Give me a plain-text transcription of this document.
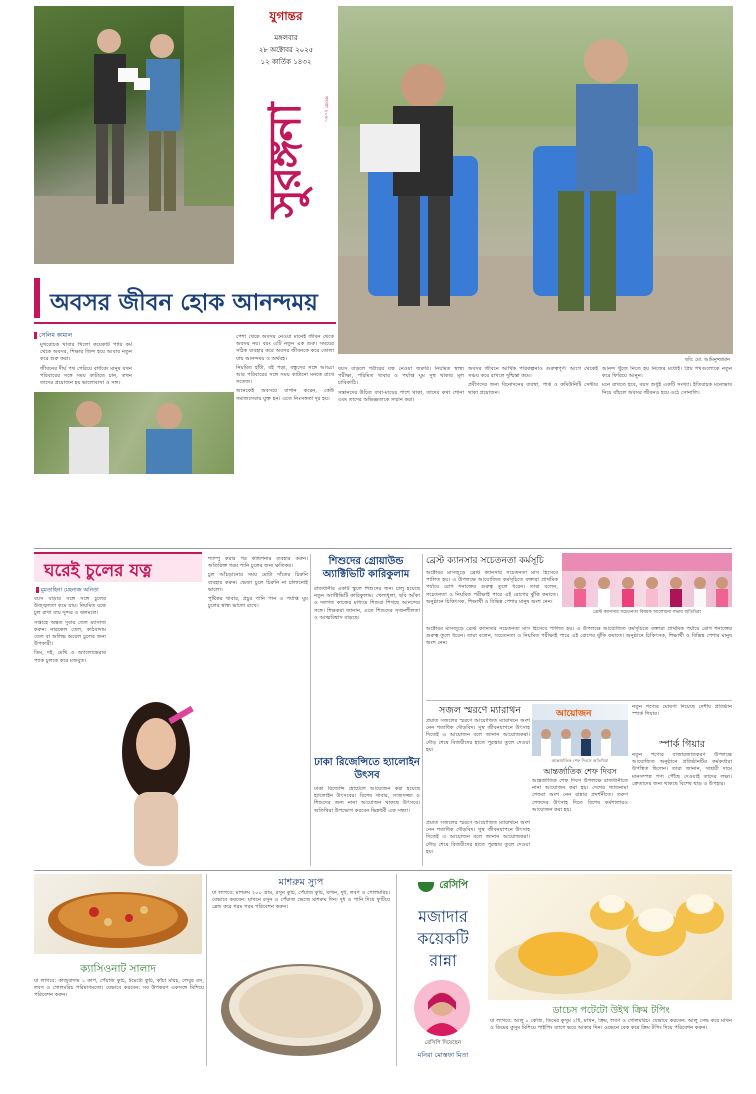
যুগান্তর
মঙ্গলবার
২৮ অক্টোবর ২০২৫
১২ কার্তিক ১৪৩২
সুরঙ্গনা	সংখ্যা ২০৪০
অবসর জীবন হোক আনন্দময়
সেলিম কামাল

মুখরোচক খাবার খিলো কয়েকটি পারি কর্ম থেকে অবসর, শিক্ষার জিন্দ হয়ে আবার নতুন করে শুরু করা।

জীবনের দীর্ঘ পথ পেরিয়ে বার্ধক্যে মানুষ যখন পরিবারের সঙ্গে সময় কাটাতে চান, তখন তাদের প্রয়োজন হয় ভালোবাসা ও সঙ্গ।

পেশা থেকে অবসর নেওয়া মানেই জীবন থেকে অবসর নয়। বরং এটি নতুন এক শুরু। সময়ের সঠিক ব্যবহার করে অবসর জীবনকে করে তোলা যায় আনন্দময় ও অর্থবহ।

নিয়মিত হাঁটা, বই পড়া, বন্ধুদের সঙ্গে আড্ডা আর পরিবারের সঙ্গে সময় কাটানো মনকে রাখে সতেজ।

অনেকেই অবসরে বাগান করেন, কেউ সমাজসেবায় যুক্ত হন। এতে নিঃসঙ্গতা দূর হয়।

ছবি: মো. আমিনুজ্জামান

বয়স বাড়লে শরীরের যত্ন নেওয়া জরুরি। নিয়মিত স্বাস্থ্য পরীক্ষা, পরিমিত খাবার ও পর্যাপ্ত ঘুম সুস্থ থাকার মূল চাবিকাঠি।

সন্তানদের উচিত বাবা-মায়ের পাশে থাকা, তাদের কথা শোনা এবং তাদের অভিজ্ঞতাকে সম্মান করা।

অবসর জীবনে আর্থিক পরিকল্পনাও গুরুত্বপূর্ণ। আগে থেকেই সঞ্চয় করে রাখলে দুশ্চিন্তা কমে।

প্রবীণদের জন্য বিনোদনের ব্যবস্থা, পার্ক ও কমিউনিটি সেন্টার থাকা প্রয়োজন।

আনন্দ খুঁজে নিতে হয় নিজের মধ্যেই। প্রিয় শখগুলোকে নতুন করে ফিরিয়ে আনুন।

মনে রাখতে হবে, বয়স শুধুই একটি সংখ্যা। ইতিবাচক মনোভাব নিয়ে বাঁচলে অবসর জীবনও হয়ে ওঠে সোনালি।

ঘরেই চুলের যত্ন
মুমতাহিনা মেহনাজ অনিতা

বয়স বাড়ার সঙ্গে সঙ্গে চুলের উজ্জ্বলতা কমে যায়। নিয়মিত যত্নে চুল রাখা যায় সুন্দর ও ঝলমলে।

সপ্তাহে অন্তত দুবার তেল ম্যাসাজ করুন। নারকেল তেল, কাঠবাদাম তেল বা অলিভ অয়েল চুলের জন্য উপকারী।

ডিম, দই, মেথি ও অ্যালোভেরার প্যাক চুলকে করে মজবুত।

শ্যাম্পু করার পর কন্ডিশনার ব্যবহার করুন। অতিরিক্ত গরম পানি চুলের জন্য ক্ষতিকর।

চুল আঁচড়ানোর সময় মোটা দাঁতের চিরুনি ব্যবহার করুন। ভেজা চুলে চিরুনি না চালানোই ভালো।

পুষ্টিকর খাবার, প্রচুর পানি পান ও পর্যাপ্ত ঘুম চুলের স্বাস্থ্য ভালো রাখে।

শিশুদের গ্রোয়াউন্ড অ্যাক্টিভিটি কারিকুলাম
রাজধানীর একটি স্কুলে শিশুদের জন্য চালু হয়েছে নতুন অ্যাক্টিভিটি কারিকুলাম। খেলাধুলা, ছবি আঁকা ও দলগত কাজের মাধ্যমে শিশুরা শিখছে আনন্দের সঙ্গে। শিক্ষকরা জানান, এতে শিশুদের সৃজনশীলতা ও আত্মবিশ্বাস বাড়ছে।
ঢাকা রিজেন্সিতে হ্যালোইন উৎসব
ঢাকা রিজেন্সি হোটেলে আয়োজন করা হয়েছে হ্যালোইন উৎসবের। বিশেষ খাবার, সাজসজ্জা ও শিশুদের জন্য নানা আয়োজন থাকছে উৎসবে। অতিথিরা উপভোগ করবেন ভিন্নধর্মী এক সন্ধ্যা।
ব্রেস্ট ক্যানসার সচেতনতা কর্মসূচি
অক্টোবর মাসজুড়ে ব্রেস্ট ক্যানসার সচেতনতা মাস হিসেবে পালিত হয়। এ উপলক্ষে আয়োজিত কর্মসূচিতে বক্তারা প্রাথমিক পর্যায়ে রোগ শনাক্তের গুরুত্ব তুলে ধরেন। তারা বলেন, সচেতনতা ও নিয়মিত পরীক্ষাই পারে এই রোগের ঝুঁকি কমাতে। অনুষ্ঠানে চিকিৎসক, শিক্ষার্থী ও বিভিন্ন পেশার মানুষ অংশ নেন।
ব্রেস্ট ক্যানসার সচেতনতা বিষয়ক আলোচনা সভায় অতিথিরা
অক্টোবর মাসজুড়ে ব্রেস্ট ক্যানসার সচেতনতা মাস হিসেবে পালিত হয়। এ উপলক্ষে আয়োজিত কর্মসূচিতে বক্তারা প্রাথমিক পর্যায়ে রোগ শনাক্তের গুরুত্ব তুলে ধরেন। তারা বলেন, সচেতনতা ও নিয়মিত পরীক্ষাই পারে এই রোগের ঝুঁকি কমাতে। অনুষ্ঠানে চিকিৎসক, শিক্ষার্থী ও বিভিন্ন পেশার মানুষ অংশ নেন।
সজল স্মরণে ম্যারাথন
প্রয়াত সজলের স্মরণে আয়োজিত ম্যারাথনে অংশ নেন শতাধিক দৌড়বিদ। সুস্থ জীবনযাপনে উৎসাহ দিতেই এ আয়োজন বলে জানান আয়োজকরা। দৌড় শেষে বিজয়ীদের হাতে পুরস্কার তুলে দেওয়া হয়।
আয়োজন
আন্তর্জাতিক শেফ দিবসে অতিথিরা
আন্তর্জাতিক শেফ দিবস
আন্তর্জাতিক শেফ দিবস উপলক্ষে রাজধানীতে নানা আয়োজন করা হয়। দেশের খ্যাতনামা শেফরা অংশ নেন রান্নার প্রদর্শনীতে। তরুণ শেফদের উৎসাহ দিতে বিশেষ কর্মশালারও আয়োজন করা হয়।
নতুন পণ্যের ঘোষণা দিয়েছে দেশীয় প্রতিষ্ঠান স্পার্ক গিয়ার।
স্পার্ক গিয়ার
নতুন পণ্যের বাজারজাতকরণ উপলক্ষে আয়োজিত অনুষ্ঠানে প্রতিষ্ঠানটির কর্মকর্তারা উপস্থিত ছিলেন। তারা জানান, সাশ্রয়ী দামে মানসম্পন্ন পণ্য পৌঁছে দেওয়াই তাদের লক্ষ্য। ক্রেতাদের জন্য থাকছে বিশেষ ছাড় ও উপহার।
প্রয়াত সজলের স্মরণে আয়োজিত ম্যারাথনে অংশ নেন শতাধিক দৌড়বিদ। সুস্থ জীবনযাপনে উৎসাহ দিতেই এ আয়োজন বলে জানান আয়োজকরা। দৌড় শেষে বিজয়ীদের হাতে পুরস্কার তুলে দেওয়া হয়।
ক্যাসিওনাট সালাদ
যা লাগবে: কাজুবাদাম ১ কাপ, পেঁয়াজ কুচি, টমেটো কুচি, কাঁচা মরিচ, লেবুর রস, লবণ ও গোলমরিচ পরিমাণমতো। যেভাবে করবেন: সব উপকরণ একসঙ্গে মিশিয়ে পরিবেশন করুন।
মাশরুম স্যুপ
যা লাগবে: মাশরুম ২০০ গ্রাম, রসুন কুচি, পেঁয়াজ কুচি, মাখন, দুধ, লবণ ও গোলমরিচ। যেভাবে করবেন: মাখনে রসুন ও পেঁয়াজ ভেজে মাশরুম দিন। দুধ ও পানি দিয়ে ফুটিয়ে ব্লেন্ড করে গরম গরম পরিবেশন করুন।
রেসিপি
মজাদার কয়েকটি রান্না
রেসিপি দিয়েছেন
মনিরা মোস্তফা মিতা
ডাচেস পটেটো উইথ ক্রিম টপিং
যা লাগবে: আলু ১ কেজি, ডিমের কুসুম ২টি, মাখন, ক্রিম, লবণ ও গোলমরিচ। যেভাবে করবেন: আলু সেদ্ধ করে মাখন ও ডিমের কুসুম মিশিয়ে পাইপিং ব্যাগে ভরে আকার দিন। ওভেনে বেক করে ক্রিম টপিং দিয়ে পরিবেশন করুন।
